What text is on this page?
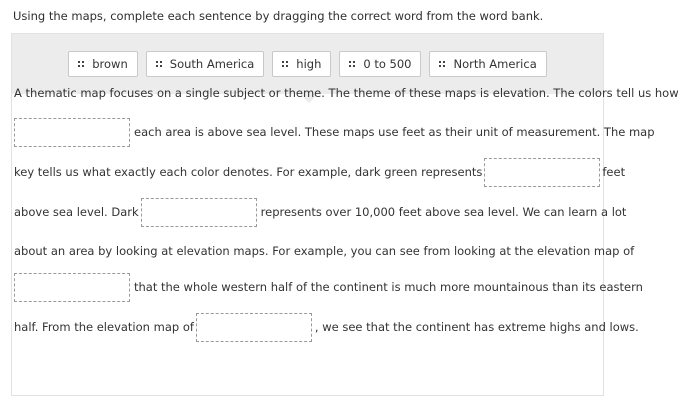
Using the maps, complete each sentence by dragging the correct word from the word bank.
brown	South America	high	0 to 500	North America
A thematic map focuses on a single subject or theme. The theme of these maps is elevation. The colors tell us how
each area is above sea level. These maps use feet as their unit of measurement. The map
key tells us what exactly each color denotes. For example, dark green represents	feet
above sea level. Dark	represents over 10,000 feet above sea level. We can learn a lot
about an area by looking at elevation maps. For example, you can see from looking at the elevation map of
that the whole western half of the continent is much more mountainous than its eastern
half. From the elevation map of	, we see that the continent has extreme highs and lows.
